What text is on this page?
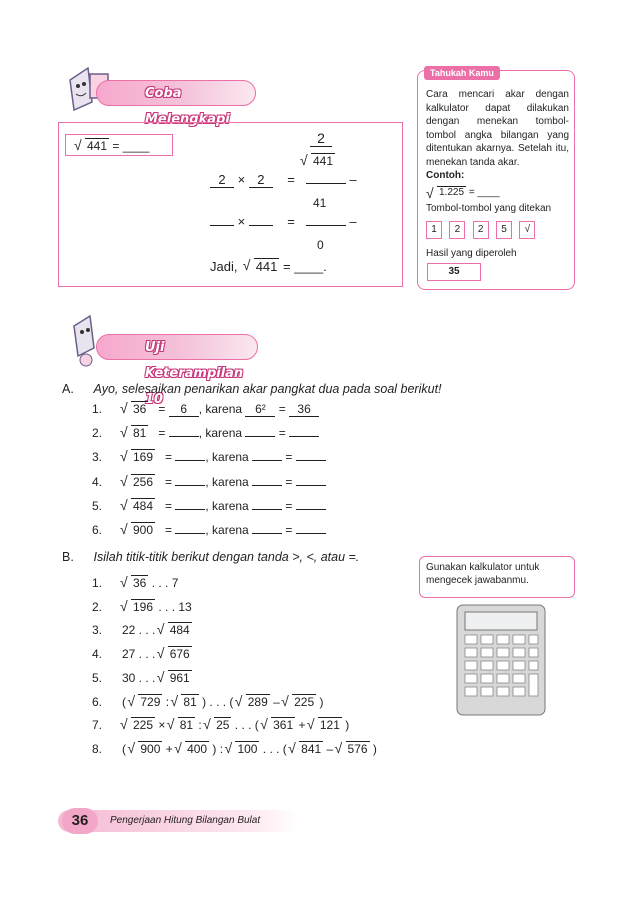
Coba Melengkapi
√ 441 = ____	2
√ 441
2 × 2 =	–
41
×	=	–
0
Jadi, √ 441 = ____.
Tahukah Kamu
Cara mencari akar dengan kalkulator dapat dilakukan dengan menekan tombol-tombol angka bilangan yang ditentukan akarnya. Setelah itu, menekan tanda akar.
Contoh:
√ 1.225 = ____
Tombol-tombol yang ditekan
1 2 2 5 √
Hasil yang diperoleh
35
Uji Keterampilan 10
A. Ayo, selesaikan penarikan akar pangkat dua pada soal berikut!
1.	√ 36   = 6 , karena 6² = 36
2.	√ 81   =	, karena	=
3.	√ 169   =	, karena	=
4.	√ 256   =	, karena	=
5.	√ 484   =	, karena	=
6.	√ 900   =	, karena	=
B. Isilah titik-titik berikut dengan tanda >, <, atau =.
1.	√ 36 . . . 7
2.	√ 196 . . . 13
3. 22 . . . √ 484
4. 27 . . . √ 676
5. 30 . . . √ 961
6. ( √ 729 : √ 81 ) . . . ( √ 289 – √ 225 )
7.	√ 225 × √ 81 : √ 25 . . . ( √ 361 + √ 121 )
8. ( √ 900 + √ 400 ) : √ 100 . . . ( √ 841 – √ 576 )
Gunakan kalkulator untuk mengecek jawabanmu.
36	Pengerjaan Hitung Bilangan Bulat
